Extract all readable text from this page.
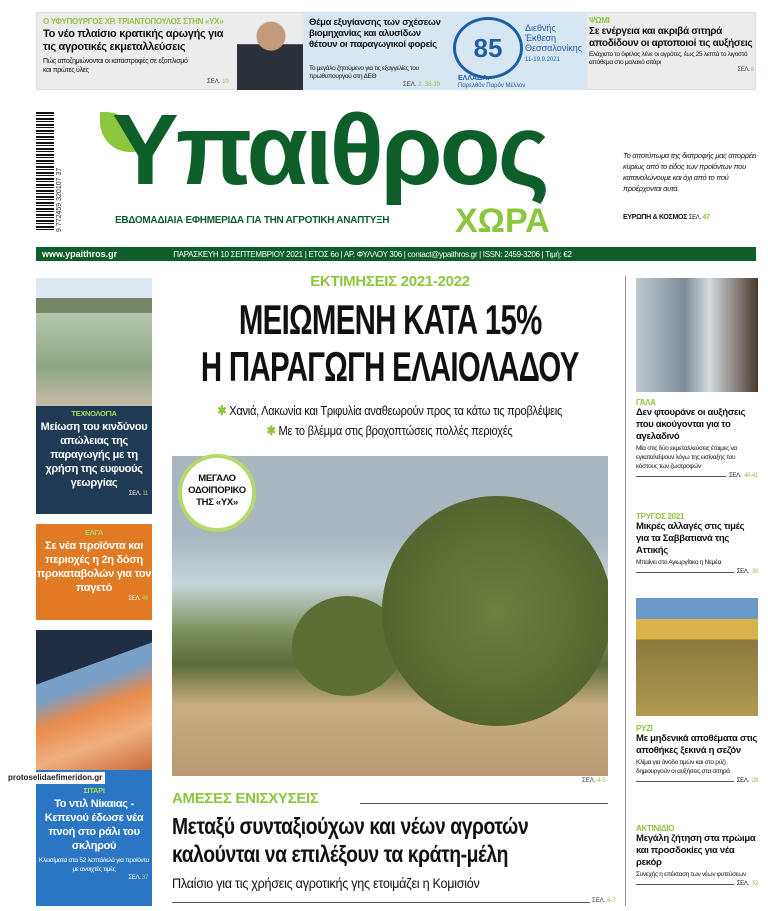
Ο ΥΦΥΠΟΥΡΓΟΣ ΧΡ. ΤΡΙΑΝΤΟΠΟΥΛΟΣ ΣΤΗΝ «ΥΧ»
Το νέο πλαίσιο κρατικής αρωγής για τις αγροτικές εκμεταλλεύσεις
Πώς αποζημιώνονται οι καταστροφές σε εξοπλισμό και πρώτες ύλες
ΣΕΛ. 10
Θέμα εξυγίανσης των σχέσεων βιομηχανίας και αλυσίδων θέτουν οι παραγωγικοί φορείς
Το μεγάλο ζητούμενο για τις εξαγγελίες του πρωθυπουργού στη ΔΕΘ
ΣΕΛ. 2, 38-39
85
Διεθνής Έκθεση Θεσσαλονίκης
11-19.9.2021
ΕΛΛΑΔΑ:
Παρελθόν Παρόν Μέλλον
ΨΩΜΙ
Σε ενέργεια και ακριβά σιτηρά αποδίδουν οι αρτοποιοί τις αυξήσεις
Ελάχιστο το όφελος λένε οι αγρότες, έως 25 λεπτά το λιγοστό απόθεμα στο μαλακό σιτάρι
ΣΕΛ. 8
9 772459 320107 37 Υπαιθρος
ΕΒΔΟΜΑΔΙΑΙΑ ΕΦΗΜΕΡΙΔΑ ΓΙΑ ΤΗΝ ΑΓΡΟΤΙΚΗ ΑΝΑΠΤΥΞΗ ΧΩΡΑ
Το αποτύπωμα της διατροφής μας απορρέει κυρίως από το είδος των προϊόντων που καταναλώνουμε και όχι από το πού προέρχονται αυτά.
ΕΥΡΩΠΗ & ΚΟΣΜΟΣ ΣΕΛ. 47
www.ypaithros.gr	ΠΑΡΑΣΚΕΥΗ 10 ΣΕΠΤΕΜΒΡΙΟΥ 2021 | ΕΤΟΣ 6ο | ΑΡ. ΦΥΛΛΟΥ 306 | contact@ypaithros.gr | ISSN: 2459-3206 | Τιμή: €2
ΤΕΧΝΟΛΟΓΙΑ
Μείωση του κινδύνου απώλειας της παραγωγής με τη χρήση της ευφυούς γεωργίας
ΣΕΛ. 11
ΕΛΓΑ
Σε νέα προϊόντα και περιοχές η 2η δόση προκαταβολών για τον παγετό
ΣΕΛ. 46
ΣΙΤΑΡΙ
Το ντιλ Νίκαιας - Κεπενού έδωσε νέα πνοή στο ράλι του σκληρού
Κλεισίματα στα 52 λεπτά/κιλό για προϊόντα με ανοιχτές τιμές
ΣΕΛ. 37
protoselidaefimeridon.gr
ΕΚΤΙΜΗΣΕΙΣ 2021-2022
ΜΕΙΩΜΕΝΗ ΚΑΤΑ 15%
Η ΠΑΡΑΓΩΓΗ ΕΛΑΙΟΛΑΔΟΥ
✱ Χανιά, Λακωνία και Τριφυλία αναθεωρούν προς τα κάτω τις προβλέψεις
✱ Με το βλέμμα στις βροχοπτώσεις πολλές περιοχές
ΜΕΓΑΛΟ
ΟΔΟΙΠΟΡΙΚΟ
ΤΗΣ «ΥΧ»
ΣΕΛ. 4-5
ΑΜΕΣΕΣ ΕΝΙΣΧΥΣΕΙΣ
Μεταξύ συνταξιούχων και νέων αγροτών καλούνται να επιλέξουν τα κράτη-μέλη
Πλαίσιο για τις χρήσεις αγροτικής γης ετοιμάζει η Κομισιόν
ΣΕΛ. 6-7
ΓΑΛΑ
Δεν φτουράνε οι αυξήσεις που ακούγονται για το αγελαδινό
Μία στις δύο εκμεταλλεύσεις έτοιμες να εγκαταλείψουν λόγω της εκτίναξης του κόστους των ζωοτροφών
ΣΕΛ. 40-41
ΤΡΥΓΟΣ 2021
Μικρές αλλαγές στις τιμές για τα Σαββατιανά της Αττικής
Μπαίνει στο Αγιωργίτικο η Νεμέα
ΣΕΛ. 30
ΡΥΖΙ
Με μηδενικά αποθέματα στις αποθήκες ξεκινά η σεζόν
Κλίμα για άνοδο τιμών και στο ρύζι δημιουργούν οι αυξήσεις στα σιτηρά
ΣΕΛ. 28
ΑΚΤΙΝΙΔΙΟ
Μεγάλη ζήτηση στα πρώιμα και προσδοκίες για νέα ρεκόρ
Συνεχής η επέκταση των νέων φυτεύσεων
ΣΕΛ. 32
